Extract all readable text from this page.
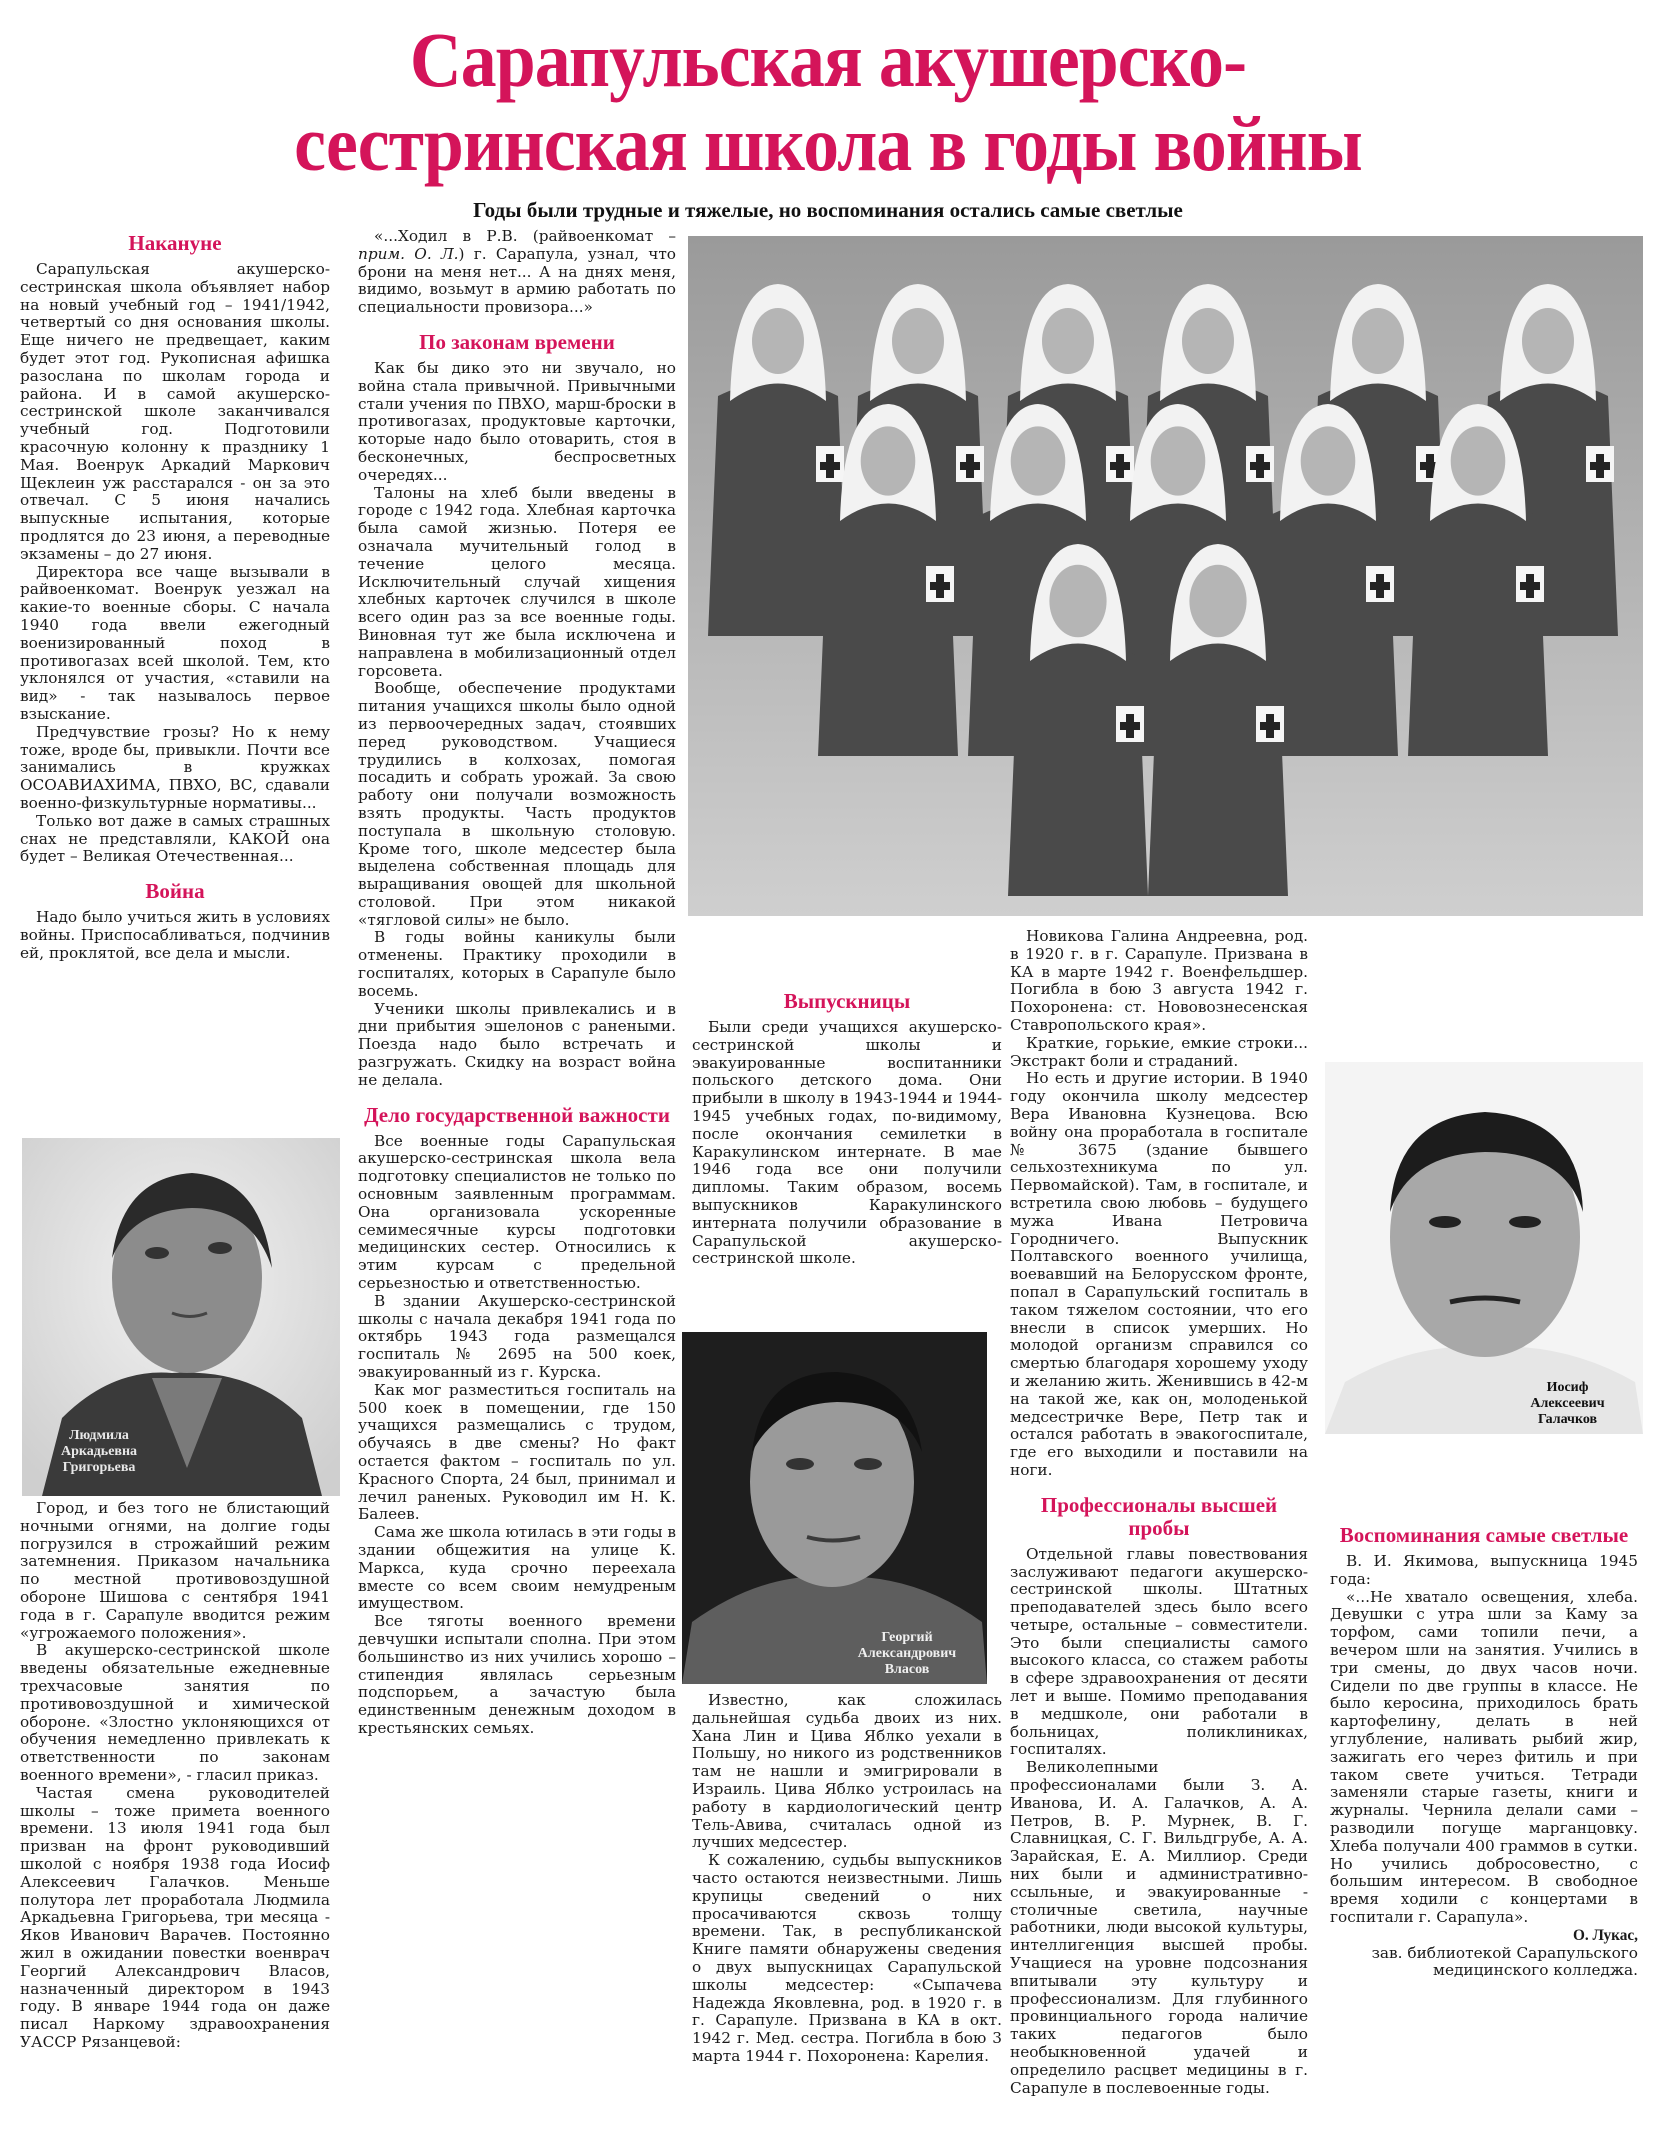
Сарапульская акушерско-
сестринская школа в годы войны
Годы были трудные и тяжелые, но воспоминания остались самые светлые
Накануне

Сарапульская акушерско-сестринская школа объявляет набор на новый учебный год – 1941/1942, четвертый со дня основания школы. Еще ничего не предвещает, каким будет этот год. Рукописная афишка разослана по школам города и района. И в самой акушерско-сестринской школе заканчивался учебный год. Подготовили красочную колонну к празднику 1 Мая. Военрук Аркадий Маркович Щеклеин уж расстарался - он за это отвечал. С 5 июня начались выпускные испытания, которые продлятся до 23 июня, а переводные экзамены – до 27 июня.

Директора все чаще вызывали в райвоенкомат. Военрук уезжал на какие-то военные сборы. С начала 1940 года ввели ежегодный военизированный поход в противогазах всей школой. Тем, кто уклонялся от участия, «ставили на вид» - так называлось первое взыскание.

Предчувствие грозы? Но к нему тоже, вроде бы, привыкли. Почти все занимались в кружках ОСОАВИАХИМА, ПВХО, ВС, сдавали военно-физкультурные нормативы...

Только вот даже в самых страшных снах не представляли, КАКОЙ она будет – Великая Отечественная...

Война

Надо было учиться жить в условиях войны. Приспосабливаться, подчинив ей, проклятой, все дела и мысли.

Людмила
Аркадьевна
Григорьева

Город, и без того не блистающий ночными огнями, на долгие годы погрузился в строжайший режим затемнения. Приказом начальника по местной противовоздушной обороне Шишова с сентября 1941 года в г. Сарапуле вводится режим «угрожаемого положения».

В акушерско-сестринской школе введены обязательные ежедневные трехчасовые занятия по противовоздушной и химической обороне. «Злостно уклоняющихся от обучения немедленно привлекать к ответственности по законам военного времени», - гласил приказ.

Частая смена руководителей школы – тоже примета военного времени. 13 июля 1941 года был призван на фронт руководивший школой с ноября 1938 года Иосиф Алексеевич Галачков. Меньше полутора лет проработала Людмила Аркадьевна Григорьева, три месяца - Яков Иванович Варачев. Постоянно жил в ожидании повестки военврач Георгий Александрович Власов, назначенный директором в 1943 году. В январе 1944 года он даже писал Наркому здравоохранения УАССР Рязанцевой:

«...Ходил в Р.В. (райвоенкомат – прим. О. Л.) г. Сарапула, узнал, что брони на меня нет... А на днях меня, видимо, возьмут в армию работать по специальности провизора...»

По законам времени

Как бы дико это ни звучало, но война стала привычной. Привычными стали учения по ПВХО, марш-броски в противогазах, продуктовые карточки, которые надо было отоварить, стоя в бесконечных, беспросветных очередях...

Талоны на хлеб были введены в городе с 1942 года. Хлебная карточка была самой жизнью. Потеря ее означала мучительный голод в течение целого месяца. Исключительный случай хищения хлебных карточек случился в школе всего один раз за все военные годы. Виновная тут же была исключена и направлена в мобилизационный отдел горсовета.

Вообще, обеспечение продуктами питания учащихся школы было одной из первоочередных задач, стоявших перед руководством. Учащиеся трудились в колхозах, помогая посадить и собрать урожай. За свою работу они получали возможность взять продукты. Часть продуктов поступала в школьную столовую. Кроме того, школе медсестер была выделена собственная площадь для выращивания овощей для школьной столовой. При этом никакой «тягловой силы» не было.

В годы войны каникулы были отменены. Практику проходили в госпиталях, которых в Сарапуле было восемь.

Ученики школы привлекались и в дни прибытия эшелонов с ранеными. Поезда надо было встречать и разгружать. Скидку на возраст война не делала.

Дело государственной важности

Все военные годы Сарапульская акушерско-сестринская школа вела подготовку специалистов не только по основным заявленным программам. Она организовала ускоренные семимесячные курсы подготовки медицинских сестер. Относились к этим курсам с предельной серьезностью и ответственностью.

В здании Акушерско-сестринской школы с начала декабря 1941 года по октябрь 1943 года размещался госпиталь № 2695 на 500 коек, эвакуированный из г. Курска.

Как мог разместиться госпиталь на 500 коек в помещении, где 150 учащихся размещались с трудом, обучаясь в две смены? Но факт остается фактом – госпиталь по ул. Красного Спорта, 24 был, принимал и лечил раненых. Руководил им Н. К. Балеев.

Сама же школа ютилась в эти годы в здании общежития на улице К. Маркса, куда срочно переехала вместе со всем своим немудреным имуществом.

Все тяготы военного времени девчушки испытали сполна. При этом большинство из них учились хорошо – стипендия являлась серьезным подспорьем, а зачастую была единственным денежным доходом в крестьянских семьях.

Выпускницы

Были среди учащихся акушерско-сестринской школы и эвакуированные воспитанники польского детского дома. Они прибыли в школу в 1943-1944 и 1944-1945 учебных годах, по-видимому, после окончания семилетки в Каракулинском интернате. В мае 1946 года все они получили дипломы. Таким образом, восемь выпускников Каракулинского интерната получили образование в Сарапульской акушерско-сестринской школе.

Георгий
Александрович
Власов

Известно, как сложилась дальнейшая судьба двоих из них. Хана Лин и Цива Яблко уехали в Польшу, но никого из родственников там не нашли и эмигрировали в Израиль. Цива Яблко устроилась на работу в кардиологический центр Тель-Авива, считалась одной из лучших медсестер.

К сожалению, судьбы выпускников часто остаются неизвестными. Лишь крупицы сведений о них просачиваются сквозь толщу времени. Так, в республиканской Книге памяти обнаружены сведения о двух выпускницах Сарапульской школы медсестер: «Сыпачева Надежда Яковлевна, род. в 1920 г. в г. Сарапуле. Призвана в КА в окт. 1942 г. Мед. сестра. Погибла в бою 3 марта 1944 г. Похоронена: Карелия.

Новикова Галина Андреевна, род. в 1920 г. в г. Сарапуле. Призвана в КА в марте 1942 г. Военфельдшер. Погибла в бою 3 августа 1942 г. Похоронена: ст. Нововознесенская Ставропольского края».

Краткие, горькие, емкие строки... Экстракт боли и страданий.

Но есть и другие истории. В 1940 году окончила школу медсестер Вера Ивановна Кузнецова. Всю войну она проработала в госпитале № 3675 (здание бывшего сельхозтехникума по ул. Первомайской). Там, в госпитале, и встретила свою любовь – будущего мужа Ивана Петровича Городничего. Выпускник Полтавского военного училища, воевавший на Белорусском фронте, попал в Сарапульский госпиталь в таком тяжелом состоянии, что его внесли в список умерших. Но молодой организм справился со смертью благодаря хорошему уходу и желанию жить. Женившись в 42-м на такой же, как он, молоденькой медсестричке Вере, Петр так и остался работать в эвакогоспитале, где его выходили и поставили на ноги.

Профессионалы высшей пробы

Отдельной главы повествования заслуживают педагоги акушерско-сестринской школы. Штатных преподавателей здесь было всего четыре, остальные – совместители. Это были специалисты самого высокого класса, со стажем работы в сфере здравоохранения от десяти лет и выше. Помимо преподавания в медшколе, они работали в больницах, поликлиниках, госпиталях.

Великолепными профессионалами были З. А. Иванова, И. А. Галачков, А. А. Петров, В. Р. Мурнек, В. Г. Славницкая, С. Г. Вильдгрубе, А. А. Зарайская, Е. А. Миллиор. Среди них были и административно-ссыльные, и эвакуированные - столичные светила, научные работники, люди высокой культуры, интеллигенция высшей пробы. Учащиеся на уровне подсознания впитывали эту культуру и профессионализм. Для глубинного провинциального города наличие таких педагогов было необыкновенной удачей и определило расцвет медицины в г. Сарапуле в послевоенные годы.

Иосиф
Алексеевич
Галачков
Воспоминания самые светлые

В. И. Якимова, выпускница 1945 года:

«...Не хватало освещения, хлеба. Девушки с утра шли за Каму за торфом, сами топили печи, а вечером шли на занятия. Учились в три смены, до двух часов ночи. Сидели по две группы в классе. Не было керосина, приходилось брать картофелину, делать в ней углубление, наливать рыбий жир, зажигать его через фитиль и при таком свете учиться. Тетради заменяли старые газеты, книги и журналы. Чернила делали сами – разводили погуще марганцовку. Хлеба получали 400 граммов в сутки. Но учились добросовестно, с большим интересом. В свободное время ходили с концертами в госпитали г. Сарапула».

О. Лукас,

зав. библиотекой Сарапульского

медицинского колледжа.
